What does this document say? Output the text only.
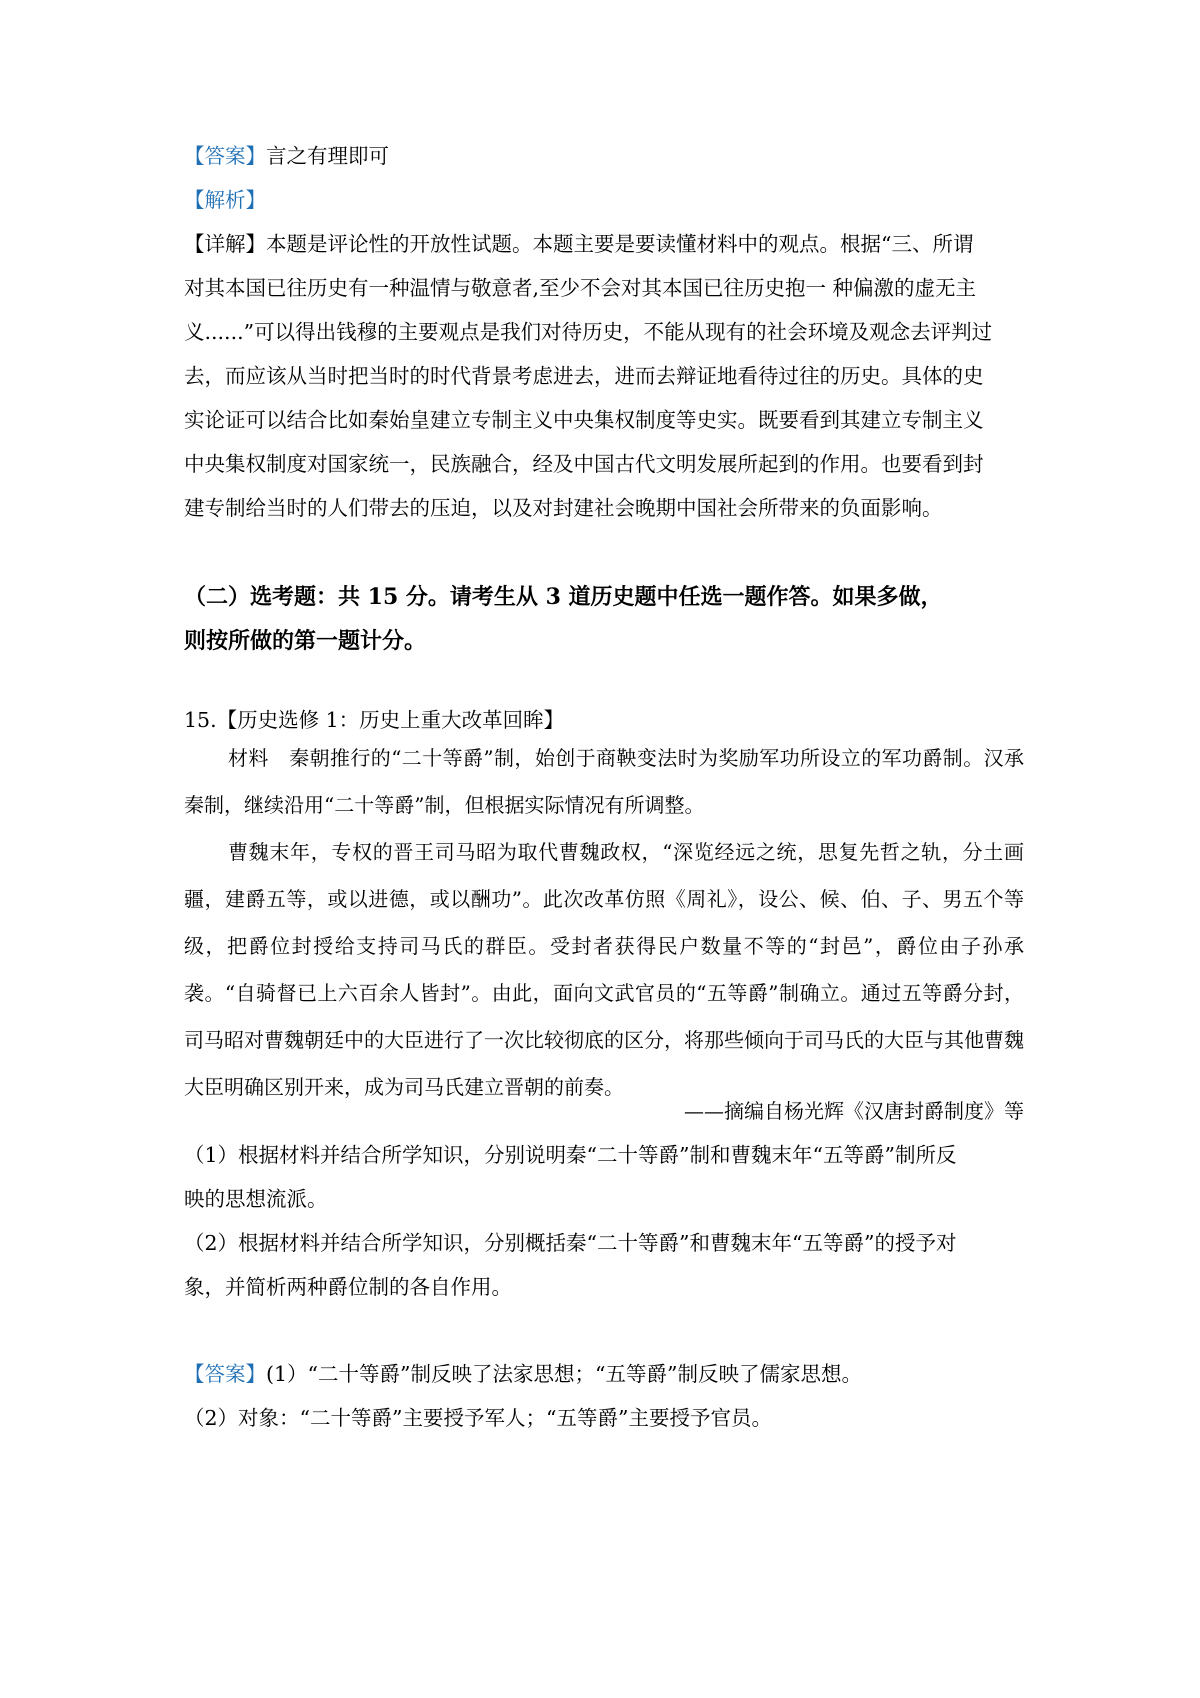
【答案】言之有理即可
【解析】
【详解】本题是评论性的开放性试题。本题主要是要读懂材料中的观点。根据“三、所谓
对其本国已往历史有一种温情与敬意者,至少不会对其本国已往历史抱一 种偏激的虚无主
义......”可以得出钱穆的主要观点是我们对待历史，不能从现有的社会环境及观念去评判过
去，而应该从当时把当时的时代背景考虑进去，进而去辩证地看待过往的历史。具体的史
实论证可以结合比如秦始皇建立专制主义中央集权制度等史实。既要看到其建立专制主义
中央集权制度对国家统一，民族融合，经及中国古代文明发展所起到的作用。也要看到封
建专制给当时的人们带去的压迫，以及对封建社会晚期中国社会所带来的负面影响。
（二）选考题：共 15 分。请考生从 3 道历史题中任选一题作答。如果多做，
则按所做的第一题计分。
15.【历史选修 1：历史上重大改革回眸】

材料　秦朝推行的“二十等爵”制，始创于商鞅变法时为奖励军功所设立的军功爵制。汉承秦制，继续沿用“二十等爵”制，但根据实际情况有所调整。

曹魏末年，专权的晋王司马昭为取代曹魏政权，“深览经远之统，思复先哲之轨，分土画疆，建爵五等，或以进德，或以酬功”。此次改革仿照《周礼》，设公、候、伯、子、男五个等级，把爵位封授给支持司马氏的群臣。受封者获得民户数量不等的“封邑”，爵位由子孙承袭。“自骑督已上六百余人皆封”。由此，面向文武官员的“五等爵”制确立。通过五等爵分封，司马昭对曹魏朝廷中的大臣进行了一次比较彻底的区分，将那些倾向于司马氏的大臣与其他曹魏大臣明确区别开来，成为司马氏建立晋朝的前奏。

——摘编自杨光辉《汉唐封爵制度》等
（1）根据材料并结合所学知识，分别说明秦“二十等爵”制和曹魏末年“五等爵”制所反
映的思想流派。
（2）根据材料并结合所学知识，分别概括秦“二十等爵”和曹魏末年“五等爵”的授予对
象，并简析两种爵位制的各自作用。
【答案】(1）“二十等爵”制反映了法家思想；“五等爵”制反映了儒家思想。
（2）对象：“二十等爵”主要授予军人；“五等爵”主要授予官员。
